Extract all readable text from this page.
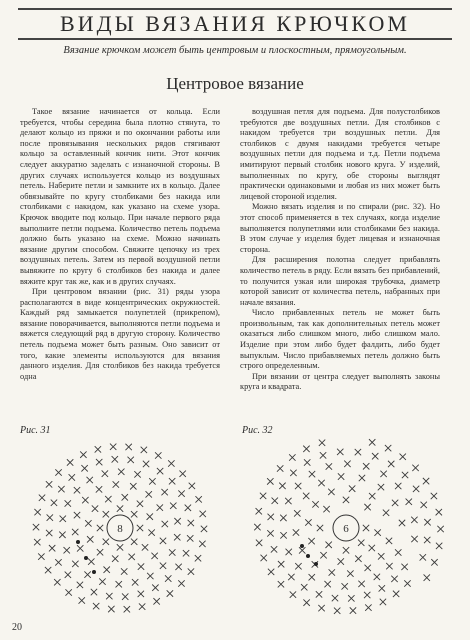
ВИДЫ ВЯЗАНИЯ КРЮЧКОМ
Вязание крючком может быть центровым и плоскостным, прямоугольным.
Центровое вязание

Такое вязание начинается от кольца. Если требуется, чтобы середина была плотно стянута, то делают кольцо из пряжи и по окончании работы или после провязывания нескольких рядов стягивают кольцо за оставленный кончик нити. Этот кончик следует аккуратно заделать с изнаночной стороны. В других случаях используется кольцо из воздушных петель. Наберите петли и замкните их в кольцо. Далее обвязывайте по кругу столбиками без накида или столбиками с накидом, как указано на схеме узора. Крючок вводите под кольцо. При начале первого ряда выполните петли подъема. Количество петель подъема должно быть указано на схеме. Можно начинать вязание другим способом. Свяжите цепочку из трех воздушных петель. Затем из первой воздушной петли вывяжите по кругу 6 столбиков без накида и далее вяжите круг так же, как и в других случаях.

При центровом вязании (рис. 31) ряды узора располагаются в виде концентрических окружностей. Каждый ряд замыкается полупетлей (прикрепом), вязание поворачивается, выполняются петли подъема и вяжется следующий ряд в другую сторону. Количество петель подъема может быть разным. Оно зависит от того, какие элементы используются для вязания данного изделия. Для столбиков без накида требуется одна

воздушная петля для подъема. Для полустолбиков требуются две воздушных петли. Для столбиков с накидом требуется три воздушных петли. Для столбиков с двумя накидами требуется четыре воздушных петли для подъема и т.д. Петли подъема имитируют первый столбик нового круга. У изделий, выполненных по кругу, обе стороны выглядят практически одинаковыми и любая из них может быть лицевой стороной изделия.

Можно вязать изделия и по спирали (рис. 32). Но этот способ применяется в тех случаях, когда изделие выполняется полупетлями или столбиками без накида. В этом случае у изделия будет лицевая и изнаночная сторона.

Для расширения полотна следует прибавлять количество петель в ряду. Если вязать без прибавлений, то получится узкая или широкая трубочка, диаметр которой зависит от количества петель, набранных при начале вязания.

Число прибавленных петель не может быть произвольным, так как дополнительных петель может оказаться либо слишком много, либо слишком мало. Изделие при этом либо будет фалдить, либо будет выпуклым. Число прибавляемых петель должно быть строго определенным.

При вязании от центра следует выполнять законы круга и квадрата.

Рис. 31	Рис. 32
8	6
20
